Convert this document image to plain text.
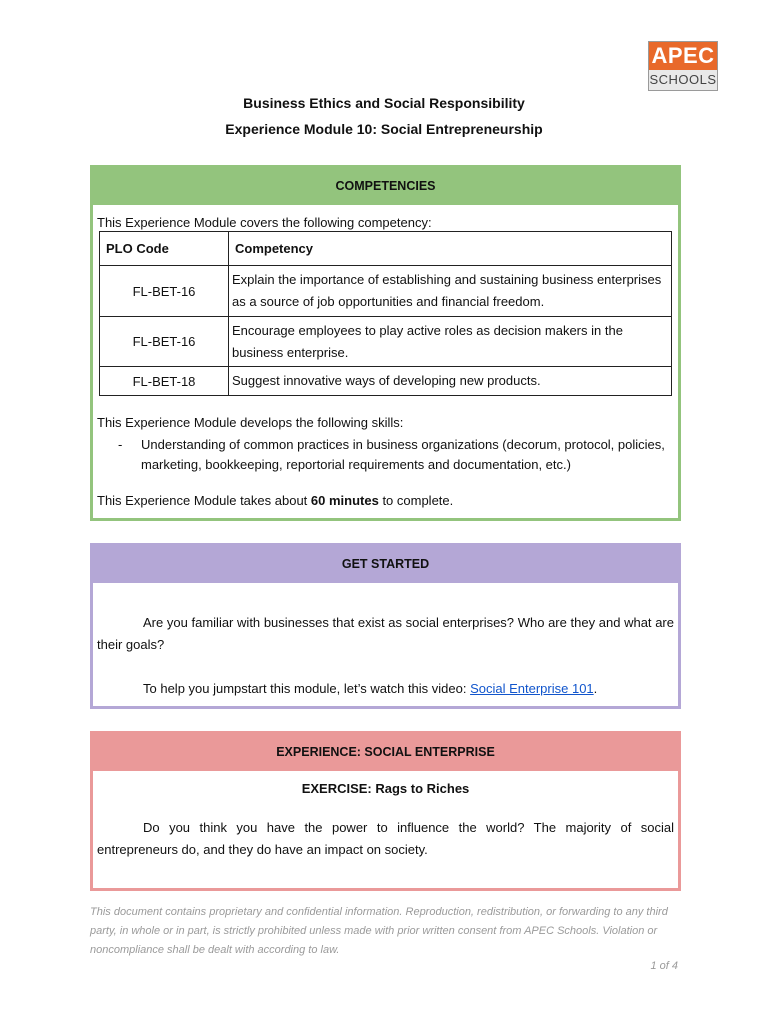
APEC
SCHOOLS
Business Ethics and Social Responsibility
Experience Module 10: Social Entrepreneurship
COMPETENCIES
This Experience Module covers the following competency:
PLO Code	Competency
FL-BET-16	Explain the importance of establishing and sustaining business enterprises as a source of job opportunities and financial freedom.
FL-BET-16	Encourage employees to play active roles as decision makers in the business enterprise.
FL-BET-18	Suggest innovative ways of developing new products.
This Experience Module develops the following skills:
- Understanding of common practices in business organizations (decorum, protocol, policies, marketing, bookkeeping, reportorial requirements and documentation, etc.)
This Experience Module takes about 60 minutes to complete.
GET STARTED

Are you familiar with businesses that exist as social enterprises? Who are they and what are their goals?

To help you jumpstart this module, let’s watch this video: Social Enterprise 101.

EXPERIENCE: SOCIAL ENTERPRISE
EXERCISE: Rags to Riches

Do you think you have the power to influence the world? The majority of social entrepreneurs do, and they do have an impact on society.

This document contains proprietary and confidential information. Reproduction, redistribution, or forwarding to any third party, in whole or in part, is strictly prohibited unless made with prior written consent from APEC Schools. Violation or noncompliance shall be dealt with according to law.
1 of 4
